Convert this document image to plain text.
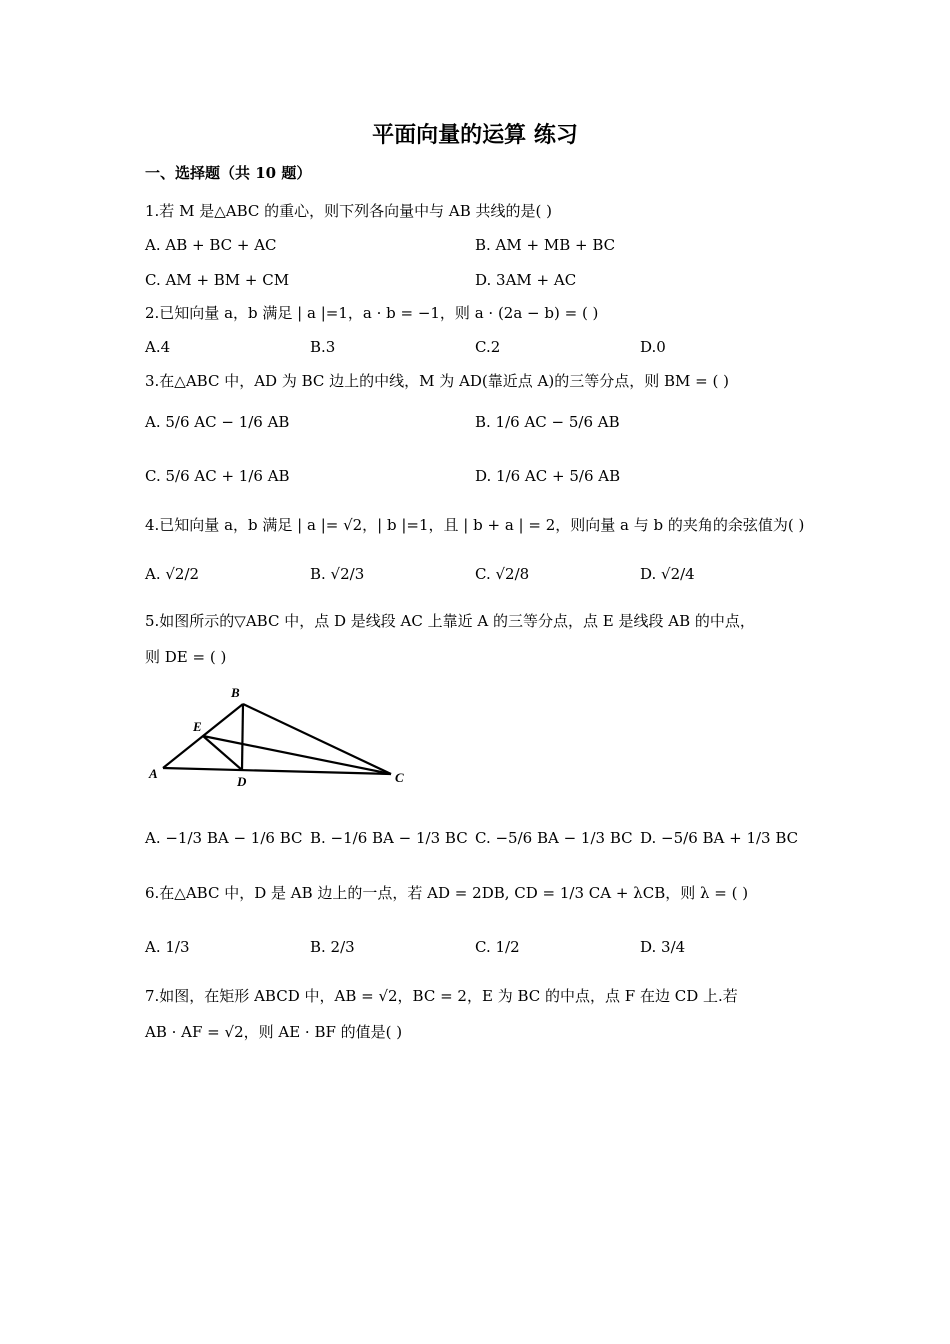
平面向量的运算 练习
一、选择题（共 10 题）
1.若 M 是△ABC 的重心，则下列各向量中与 AB 共线的是( )
A. AB + BC + AC	B. AM + MB + BC
C. AM + BM + CM	D. 3AM + AC
2.已知向量 a，b 满足 | a |=1，a · b = −1，则 a · (2a − b) = ( )
A.4	B.3	C.2	D.0
3.在△ABC 中，AD 为 BC 边上的中线，M 为 AD(靠近点 A)的三等分点，则 BM = ( )
A. 5/6 AC − 1/6 AB	B. 1/6 AC − 5/6 AB
C. 5/6 AC + 1/6 AB	D. 1/6 AC + 5/6 AB
4.已知向量 a，b 满足 | a |= √2，| b |=1，且 | b + a | = 2，则向量 a 与 b 的夹角的余弦值为( )
A. √2/2	B. √2/3	C. √2/8	D. √2/4
5.如图所示的▽ABC 中，点 D 是线段 AC 上靠近 A 的三等分点，点 E 是线段 AB 的中点，
则 DE = ( )
A
B
C
D
E
A. −1/3 BA − 1/6 BC B. −1/6 BA − 1/3 BC C. −5/6 BA − 1/3 BC D. −5/6 BA + 1/3 BC
6.在△ABC 中，D 是 AB 边上的一点，若 AD = 2DB, CD = 1/3 CA + λCB，则 λ = ( )
A. 1/3	B. 2/3	C. 1/2	D. 3/4
7.如图，在矩形 ABCD 中，AB = √2，BC = 2，E 为 BC 的中点，点 F 在边 CD 上.若
AB · AF = √2，则 AE · BF 的值是( )
